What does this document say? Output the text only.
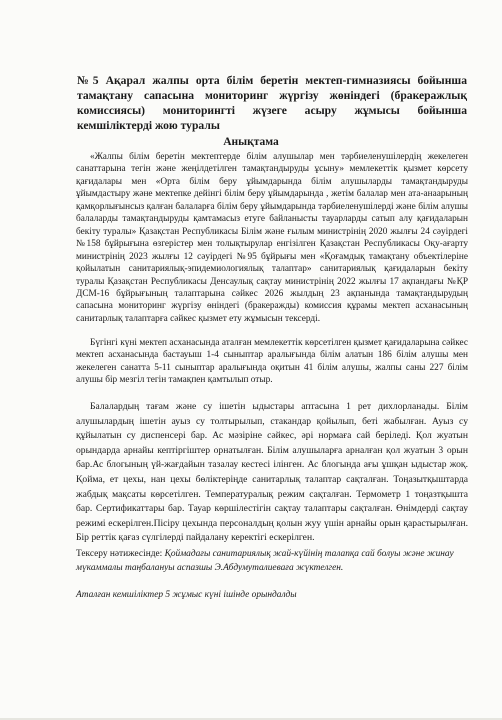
№5 Ақарал жалпы орта білім беретін мектеп-гимназиясы бойынша тамақтану сапасына мониторинг жүргізу жөніндегі (бракеражлық комиссиясы) мониторингті жүзеге асыру жұмысы бойынша кемшіліктерді жою туралы
Анықтама

«Жалпы білім беретін мектептерде білім алушылар мен тәрбиеленушілердің жекелеген санаттарына тегін және жеңілдетілген тамақтандыруды ұсыну» мемлекеттік қызмет көрсету қағидалары мен «Орта білім беру ұйымдарында білім алушыларды тамақтандыруды ұйымдастыру және мектепке дейінгі білім беру ұйымдарында , жетім балалар мен ата-анаарының қамқорлығынсыз қалған балаларға білім беру ұйымдарында тәрбиеленушілерді және білім алушы балаларды тамақтандыруды қамтамасыз етуге байланысты тауарларды сатып алу қағидаларын бекіту туралы» Қазақстан Республикасы Білім және ғылым министрінің 2020 жылғы 24 сәуірдегі №158 бұйрығына өзгерістер мен толықтырулар енгізілген Қазақстан Республикасы Оқу-ағарту министрінің 2023 жылғы 12 сәуірдегі №95 бұйрығы мен «Қоғамдық тамақтану объектілеріне қойылатын санитариялық-эпидемиологиялық талаптар» санитариялық қағидаларын бекіту туралы Қазақстан Республикасы Денсаулық сақтау министрінің 2022 жылғы 17 ақпандағы №ҚР ДСМ-16 бұйрығының талаптарына сәйкес 2026 жылдың 23 ақпанында тамақтандырудың сапасына мониторинг жүргізу өніндегі (бракеражды) комиссия құрамы мектеп асханасының санитарлық талаптарға сәйкес қызмет ету жұмысын тексерді.

Бүгінгі күні мектеп асханасында аталған мемлекеттік көрсетілген қызмет қағидаларына сәйкес мектеп асханасында бастауыш 1-4 сыныптар аралығында білім алатын 186 білім алушы мен жекелеген санатта 5-11 сыныптар аралығында оқитын 41 білім алушы, жалпы саны 227 білім алушы бір мезгіл тегін тамақпен қамтылып отыр.

Балалардың тағам және су ішетін ыдыстары аптасына 1 рет дихлорланады. Білім алушылардың ішетін ауыз су толтырылып, стакандар қойылып, беті жабылған. Ауыз су құйылатын су диспенсері бар. Ас мәзіріне сәйкес, әрі нормаға сай беріледі. Қол жуатын орындарда арнайы кептіргіштер орнатылған. Білім алушыларға арналған қол жуатын 3 орын бар.Ас блогының үй-жағдайын тазалау кестесі ілінген. Ас блогында ағы ұшқан ыдыстар жоқ. Қойма, ет цехы, нан цехы бөліктеріңде санитарлық талаптар сақталған. Тоңазытқыштарда жабдық мақсаты көрсетілген. Температуралық режим сақталған. Термометр 1 тоңазтқышта бар. Сертификаттары бар. Тауар көршілестігін сақтау талаптары сақталған. Өнімдерді сақтау режимі ескерілген.Пісіру цехында персоналдың қолын жуу үшін арнайы орын қарастырылған. Бір реттік қағаз сүлгілерді пайдалану керектігі ескерілген.

Тексеру нәтижесінде: Қоймадағы санитариялық жай-күйінің талапқа сай болуы және жинау мүкаммалы таңбалануы аспазшы Э.Абдумуталиеваға жүктелген.

Аталған кемшіліктер 5 жұмыс күні ішінде орындалды
